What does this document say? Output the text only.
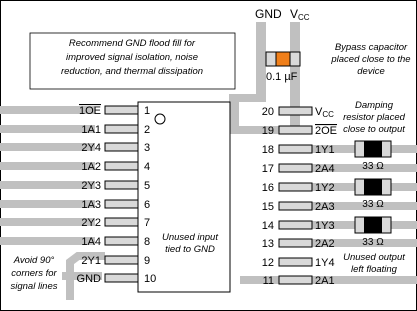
Recommend GND flood fill for
improved signal isolation, noise
reduction, and thermal dissipation
GND VCC
0.1 µF
Bypass capacitor
placed close to the
device
Damping
resistor placed
close to output
33 Ω
33 Ω
33 Ω
Unused output
left floating
Unused input
tied to GND
Avoid 90°
corners for
signal lines
1OE
1A1
2Y4
1A2
2Y3
1A3
2Y2
1A4
2Y1
GND
1
2
3
4
5
6
7
8
9
10
20
19
18
17
16
15
14
13
12
11
VCC
2OE
1Y1
2A4
1Y2
2A3
1Y3
2A2
1Y4
2A1
